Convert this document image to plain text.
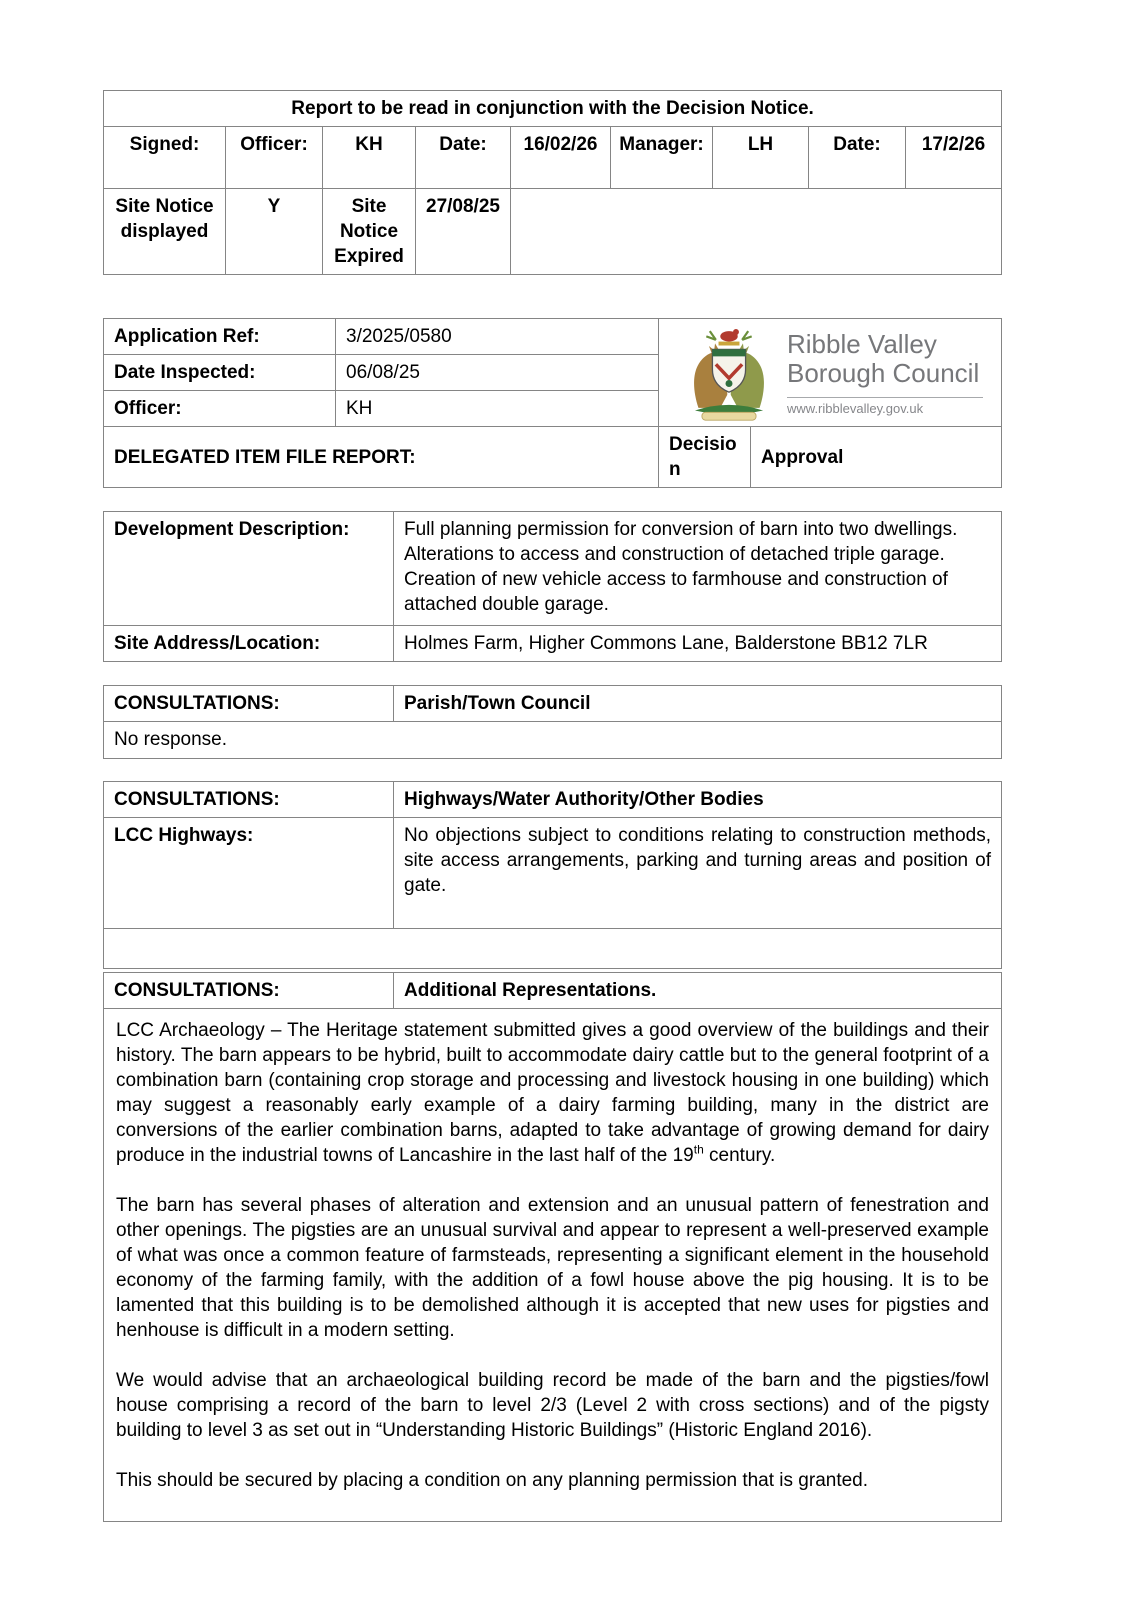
Report to be read in conjunction with the Decision Notice.								
Signed:	Officer:	KH	Date:	16/02/26	Manager:	LH	Date:	17/2/26
Site Notice displayed	Y	Site Notice Expired	27/08/25					
Application Ref:	3/2025/0580	Ribble Valley
Borough Council
www.ribblevalley.gov.uk	

Date Inspected:	06/08/25		
Officer:	KH		
DELEGATED ITEM FILE REPORT:		Decision	Approval
Development Description:	Full planning permission for conversion of barn into two dwellings. Alterations to access and construction of detached triple garage. Creation of new vehicle access to farmhouse and construction of attached double garage.
Site Address/Location:	Holmes Farm, Higher Commons Lane, Balderstone BB12 7LR
CONSULTATIONS:	Parish/Town Council
No response.
CONSULTATIONS:	Highways/Water Authority/Other Bodies
LCC Highways:	No objections subject to conditions relating to construction methods, site access arrangements, parking and turning areas and position of gate.

CONSULTATIONS:	Additional Representations.

LCC Archaeology – The Heritage statement submitted gives a good overview of the buildings and their history. The barn appears to be hybrid, built to accommodate dairy cattle but to the general footprint of a combination barn (containing crop storage and processing and livestock housing in one building) which may suggest a reasonably early example of a dairy farming building, many in the district are conversions of the earlier combination barns, adapted to take advantage of growing demand for dairy produce in the industrial towns of Lancashire in the last half of the 19th century.

The barn has several phases of alteration and extension and an unusual pattern of fenestration and other openings. The pigsties are an unusual survival and appear to represent a well-preserved example of what was once a common feature of farmsteads, representing a significant element in the household economy of the farming family, with the addition of a fowl house above the pig housing. It is to be lamented that this building is to be demolished although it is accepted that new uses for pigsties and henhouse is difficult in a modern setting.

We would advise that an archaeological building record be made of the barn and the pigsties/fowl house comprising a record of the barn to level 2/3 (Level 2 with cross sections) and of the pigsty building to level 3 as set out in “Understanding Historic Buildings” (Historic England 2016).

This should be secured by placing a condition on any planning permission that is granted.
